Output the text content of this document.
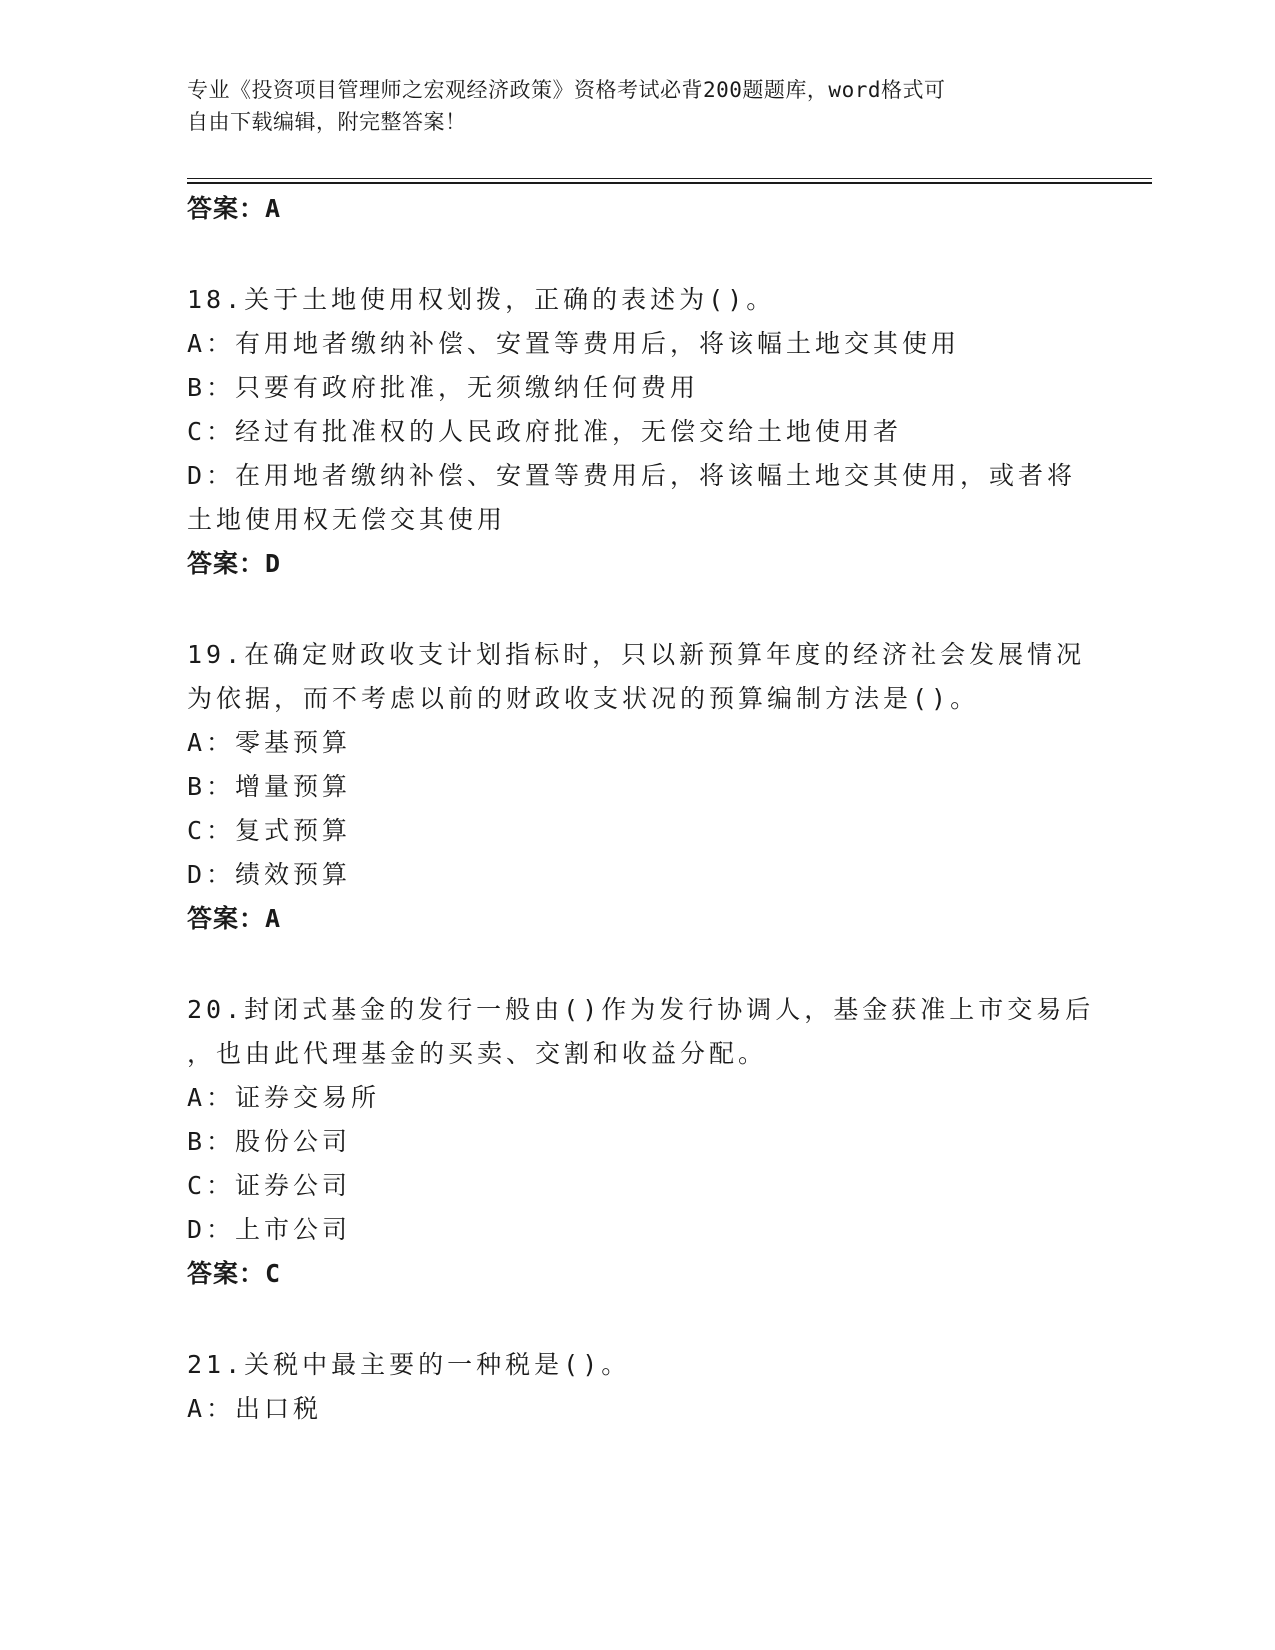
专业《投资项目管理师之宏观经济政策》资格考试必背200题题库，word格式可
自由下载编辑，附完整答案！
答案：A
18.关于土地使用权划拨，正确的表述为()。
A：有用地者缴纳补偿、安置等费用后，将该幅土地交其使用
B：只要有政府批准，无须缴纳任何费用
C：经过有批准权的人民政府批准，无偿交给土地使用者
D：在用地者缴纳补偿、安置等费用后，将该幅土地交其使用，或者将
土地使用权无偿交其使用
答案：D
19.在确定财政收支计划指标时，只以新预算年度的经济社会发展情况
为依据，而不考虑以前的财政收支状况的预算编制方法是()。
A：零基预算
B：增量预算
C：复式预算
D：绩效预算
答案：A
20.封闭式基金的发行一般由()作为发行协调人，基金获准上市交易后
，也由此代理基金的买卖、交割和收益分配。
A：证券交易所
B：股份公司
C：证券公司
D：上市公司
答案：C
21.关税中最主要的一种税是()。
A：出口税
